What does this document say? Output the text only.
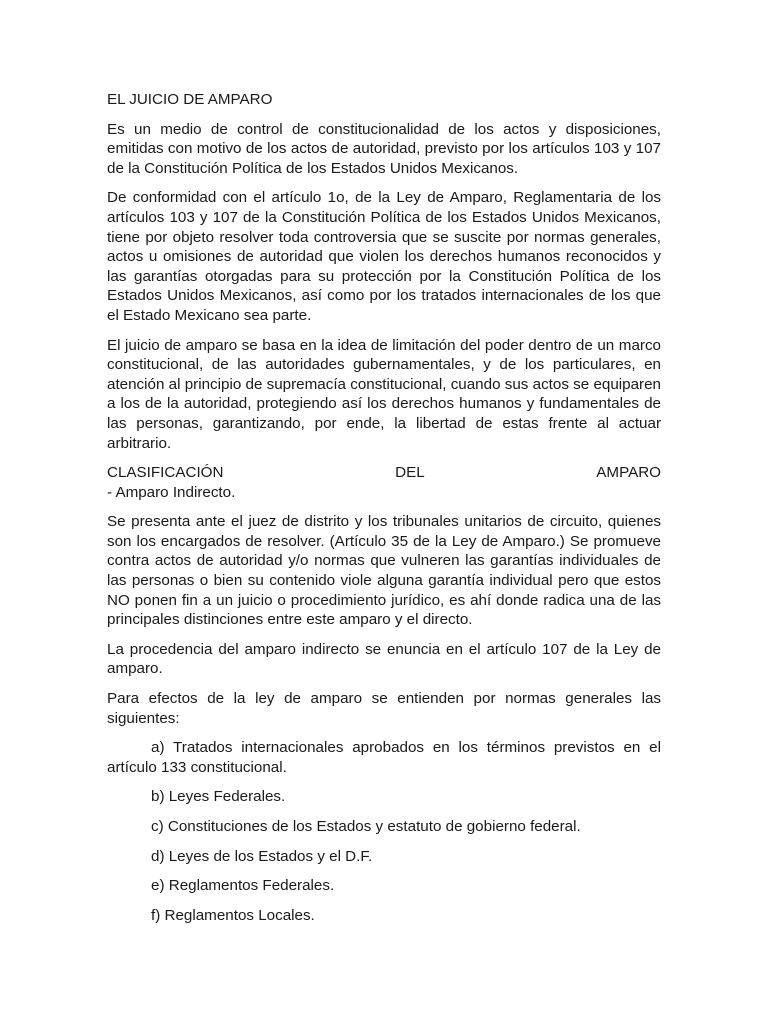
EL JUICIO DE AMPARO

Es un medio de control de constitucionalidad de los actos y disposiciones, emitidas con motivo de los actos de autoridad, previsto por los artículos 103 y 107 de la Constitución Política de los Estados Unidos Mexicanos.

De conformidad con el artículo 1o, de la Ley de Amparo, Reglamentaria de los artículos 103 y 107 de la Constitución Política de los Estados Unidos Mexicanos, tiene por objeto resolver toda controversia que se suscite por normas generales, actos u omisiones de autoridad que violen los derechos humanos reconocidos y las garantías otorgadas para su protección por la Constitución Política de los Estados Unidos Mexicanos, así como por los tratados internacionales de los que el Estado Mexicano sea parte.

El juicio de amparo se basa en la idea de limitación del poder dentro de un marco constitucional, de las autoridades gubernamentales, y de los particulares, en atención al principio de supremacía constitucional, cuando sus actos se equiparen a los de la autoridad, protegiendo así los derechos humanos y fundamentales de las personas, garantizando, por ende, la libertad de estas frente al actuar arbitrario.

CLASIFICACIÓN	DEL	AMPARO
- Amparo Indirecto.

Se presenta ante el juez de distrito y los tribunales unitarios de circuito, quienes son los encargados de resolver. (Artículo 35 de la Ley de Amparo.) Se promueve contra actos de autoridad y/o normas que vulneren las garantías individuales de las personas o bien su contenido viole alguna garantía individual pero que estos NO ponen fin a un juicio o procedimiento jurídico, es ahí donde radica una de las principales distinciones entre este amparo y el directo.

La procedencia del amparo indirecto se enuncia en el artículo 107 de la Ley de amparo.

Para efectos de la ley de amparo se entienden por normas generales las siguientes:

a) Tratados internacionales aprobados en los términos previstos en el artículo 133 constitucional.

b) Leyes Federales.
c) Constituciones de los Estados y estatuto de gobierno federal.
d) Leyes de los Estados y el D.F.
e) Reglamentos Federales.
f) Reglamentos Locales.
